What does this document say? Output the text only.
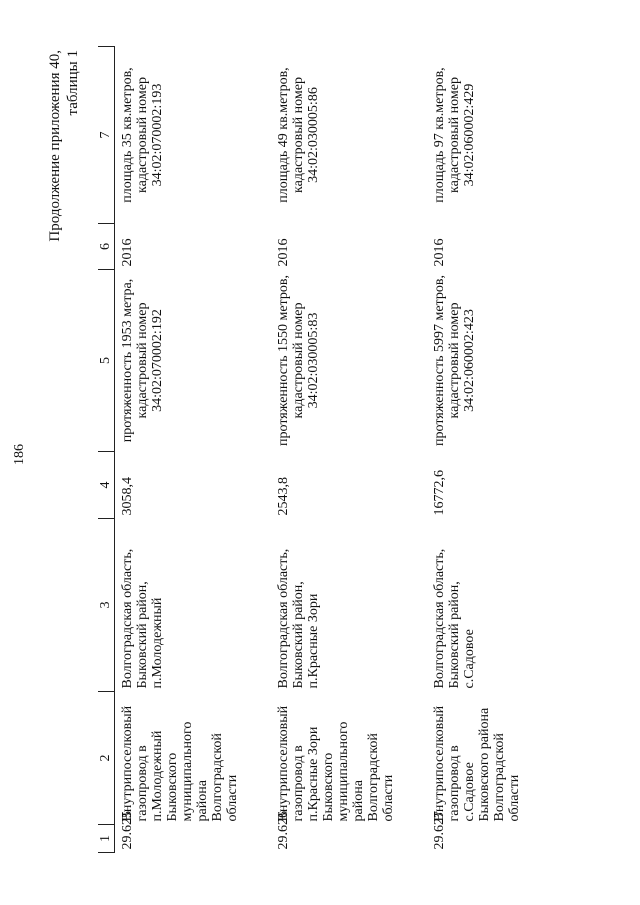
186
Продолжение приложения 40, таблицы 1
1	2	3	4	5	6	7
29.625	Внутрипоселковый газопровод в п.Молодежный Быковского муниципального района Волгоградской области	Волгоградская область, Быковский район, п.Молодежный	3058,4	протяженность 1953 метра, кадастровый номер 34:02:070002:192	2016	площадь 35 кв.метров, кадастровый номер 34:02:070002:193
29.626	Внутрипоселковый газопровод в п.Красные Зори Быковского муниципального района Волгоградской области	Волгоградская область, Быковский район, п.Красные Зори	2543,8	протяженность 1550 метров, кадастровый номер 34:02:030005:83	2016	площадь 49 кв.метров, кадастровый номер 34:02:030005:86
29.627	Внутрипоселковый газопровод в с.Садовое Быковского района Волгоградской области	Волгоградская область, Быковский район, с.Садовое	16772,6	протяженность 5997 метров, кадастровый номер 34:02:060002:423	2016	площадь 97 кв.метров, кадастровый номер 34:02:060002:429
